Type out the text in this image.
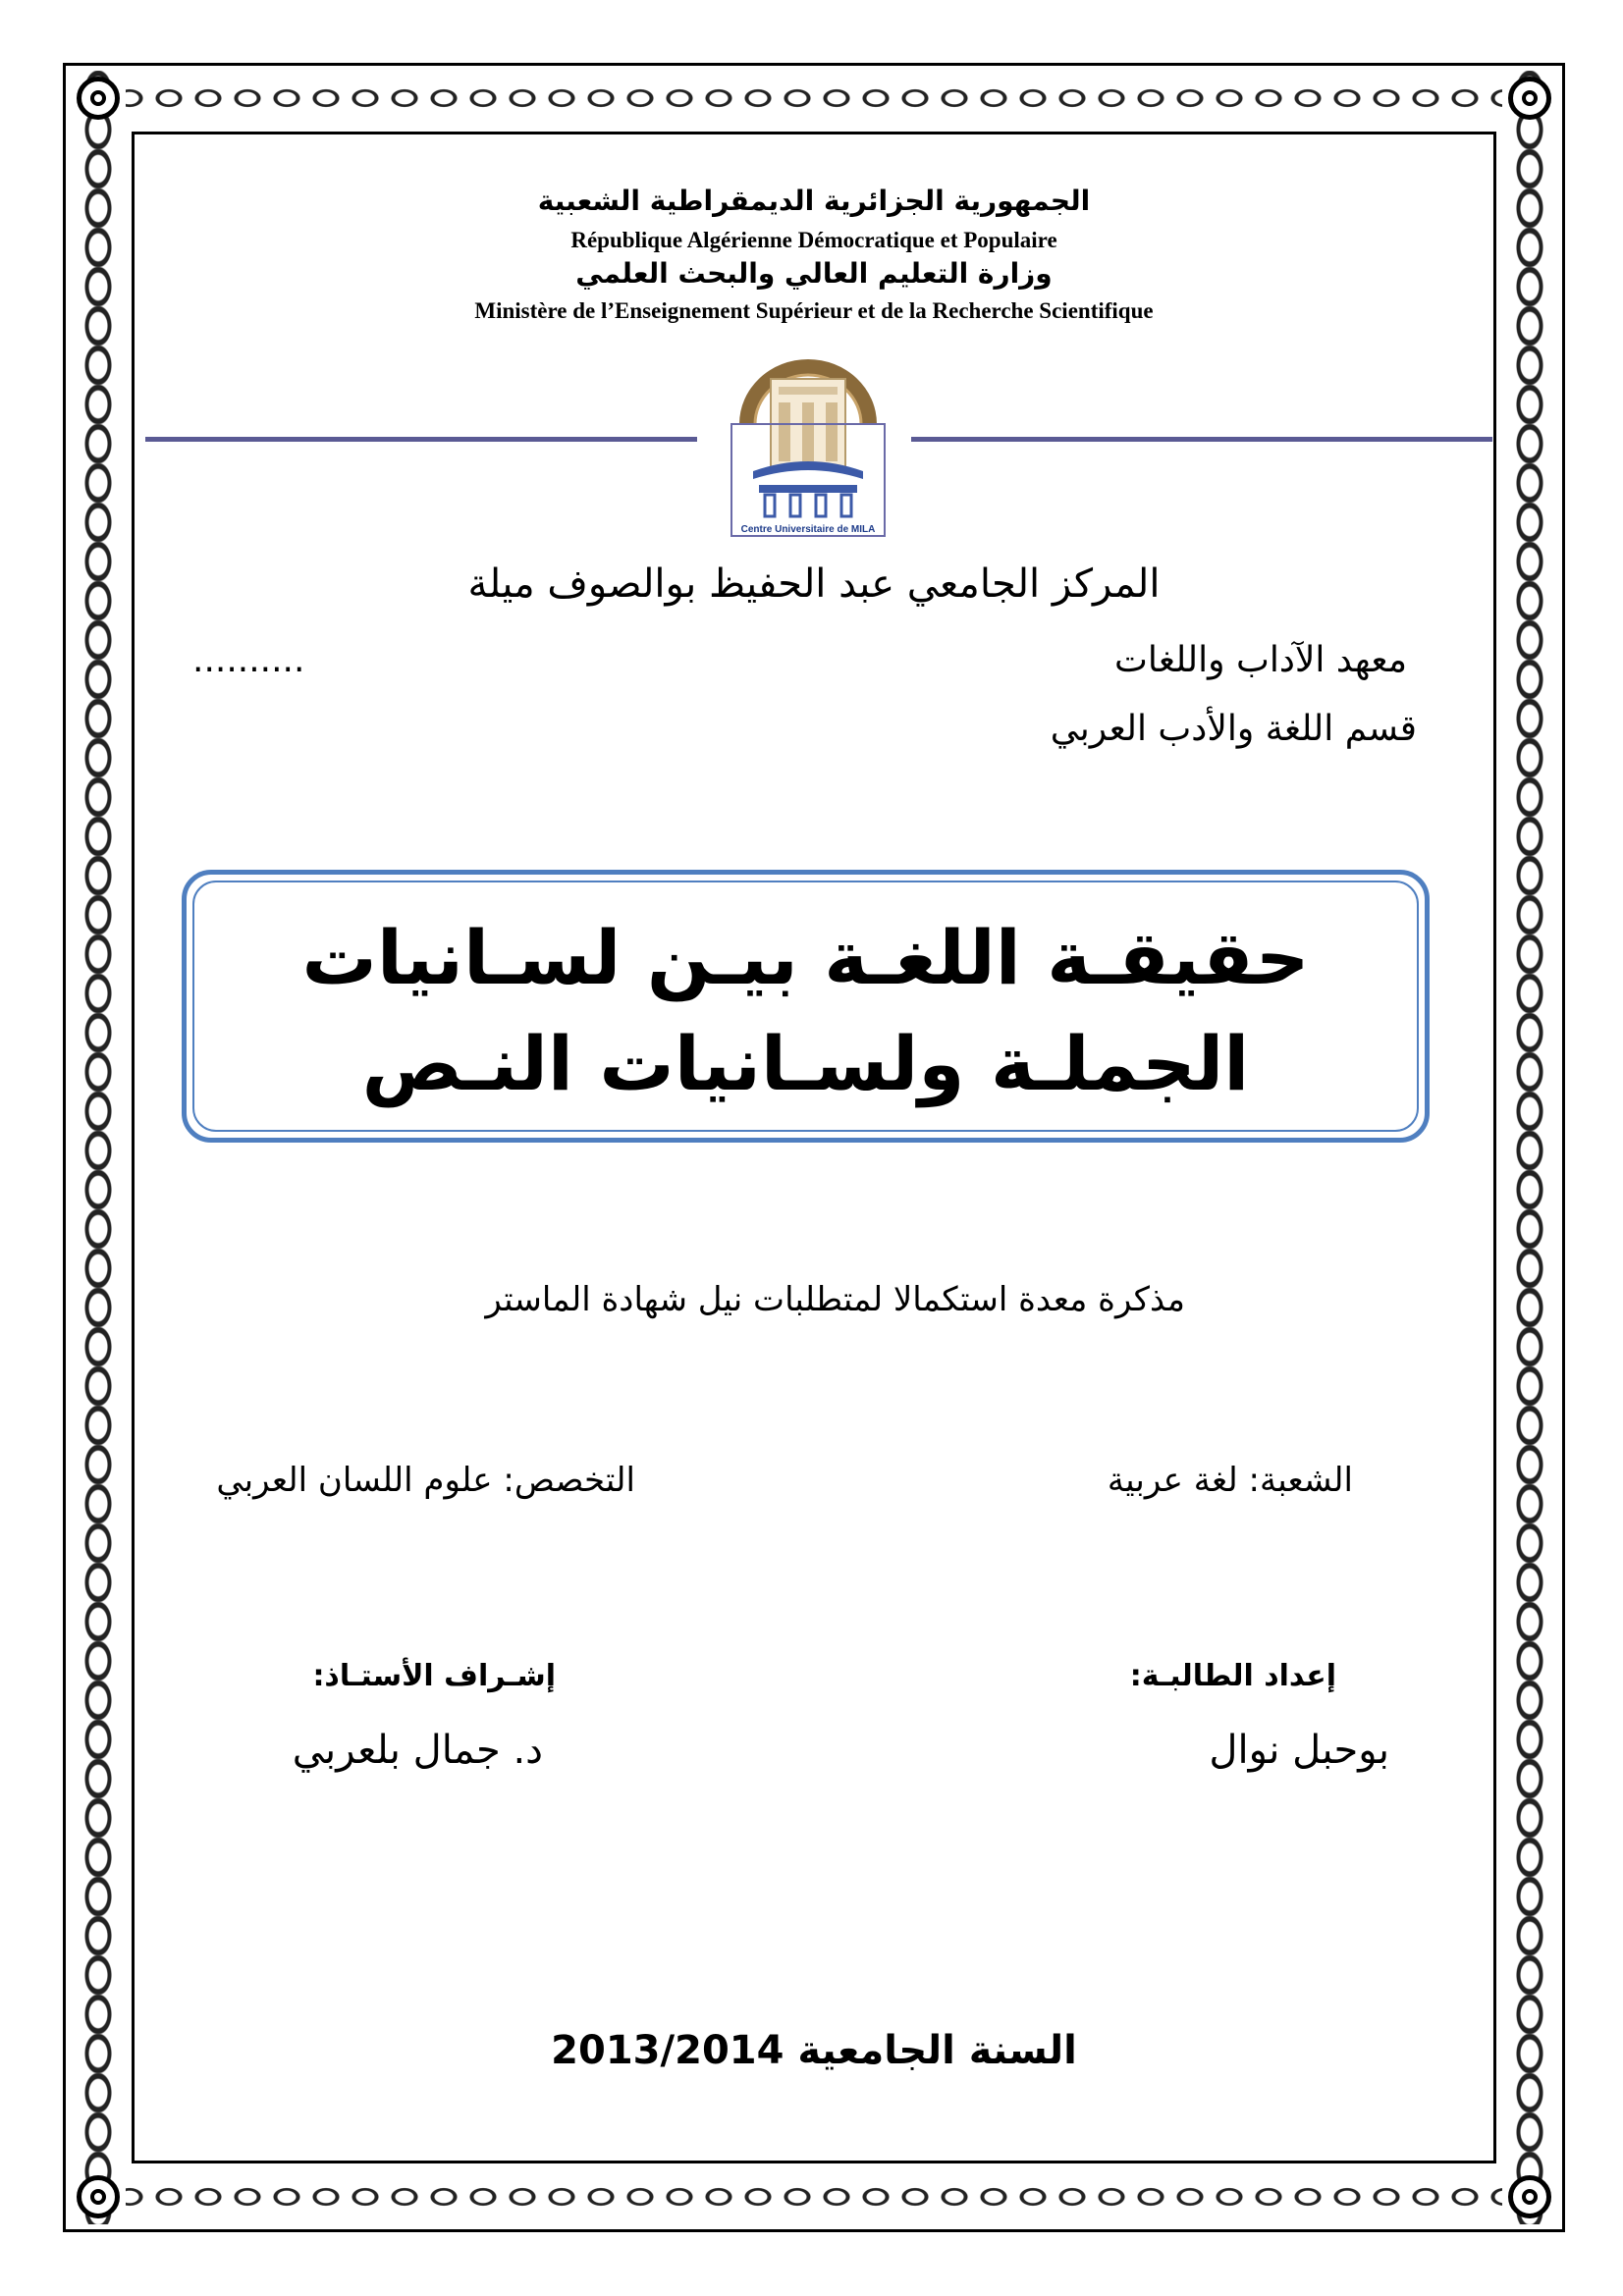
الجمهورية الجزائرية الديمقراطية الشعبية
République Algérienne Démocratique et Populaire
وزارة التعليم العالي والبحث العلمي
Ministère de l’Enseignement Supérieur et de la Recherche Scientifique
Centre Universitaire de MILA
المركز الجامعي عبد الحفيظ بوالصوف ميلة
معهد الآداب واللغات
..........
قسم اللغة والأدب العربي
حقيقـة اللغـة بيـن لسـانيات
الجملـة ولسـانيات النـص
مذكرة معدة استكمالا لمتطلبات نيل شهادة الماستر
الشعبة: لغة عربية
التخصص: علوم اللسان العربي
إعداد الطالبـة:
إشـراف الأستـاذ:
بوحبل نوال
د. جمال بلعربي
السنة الجامعية 2013/2014
